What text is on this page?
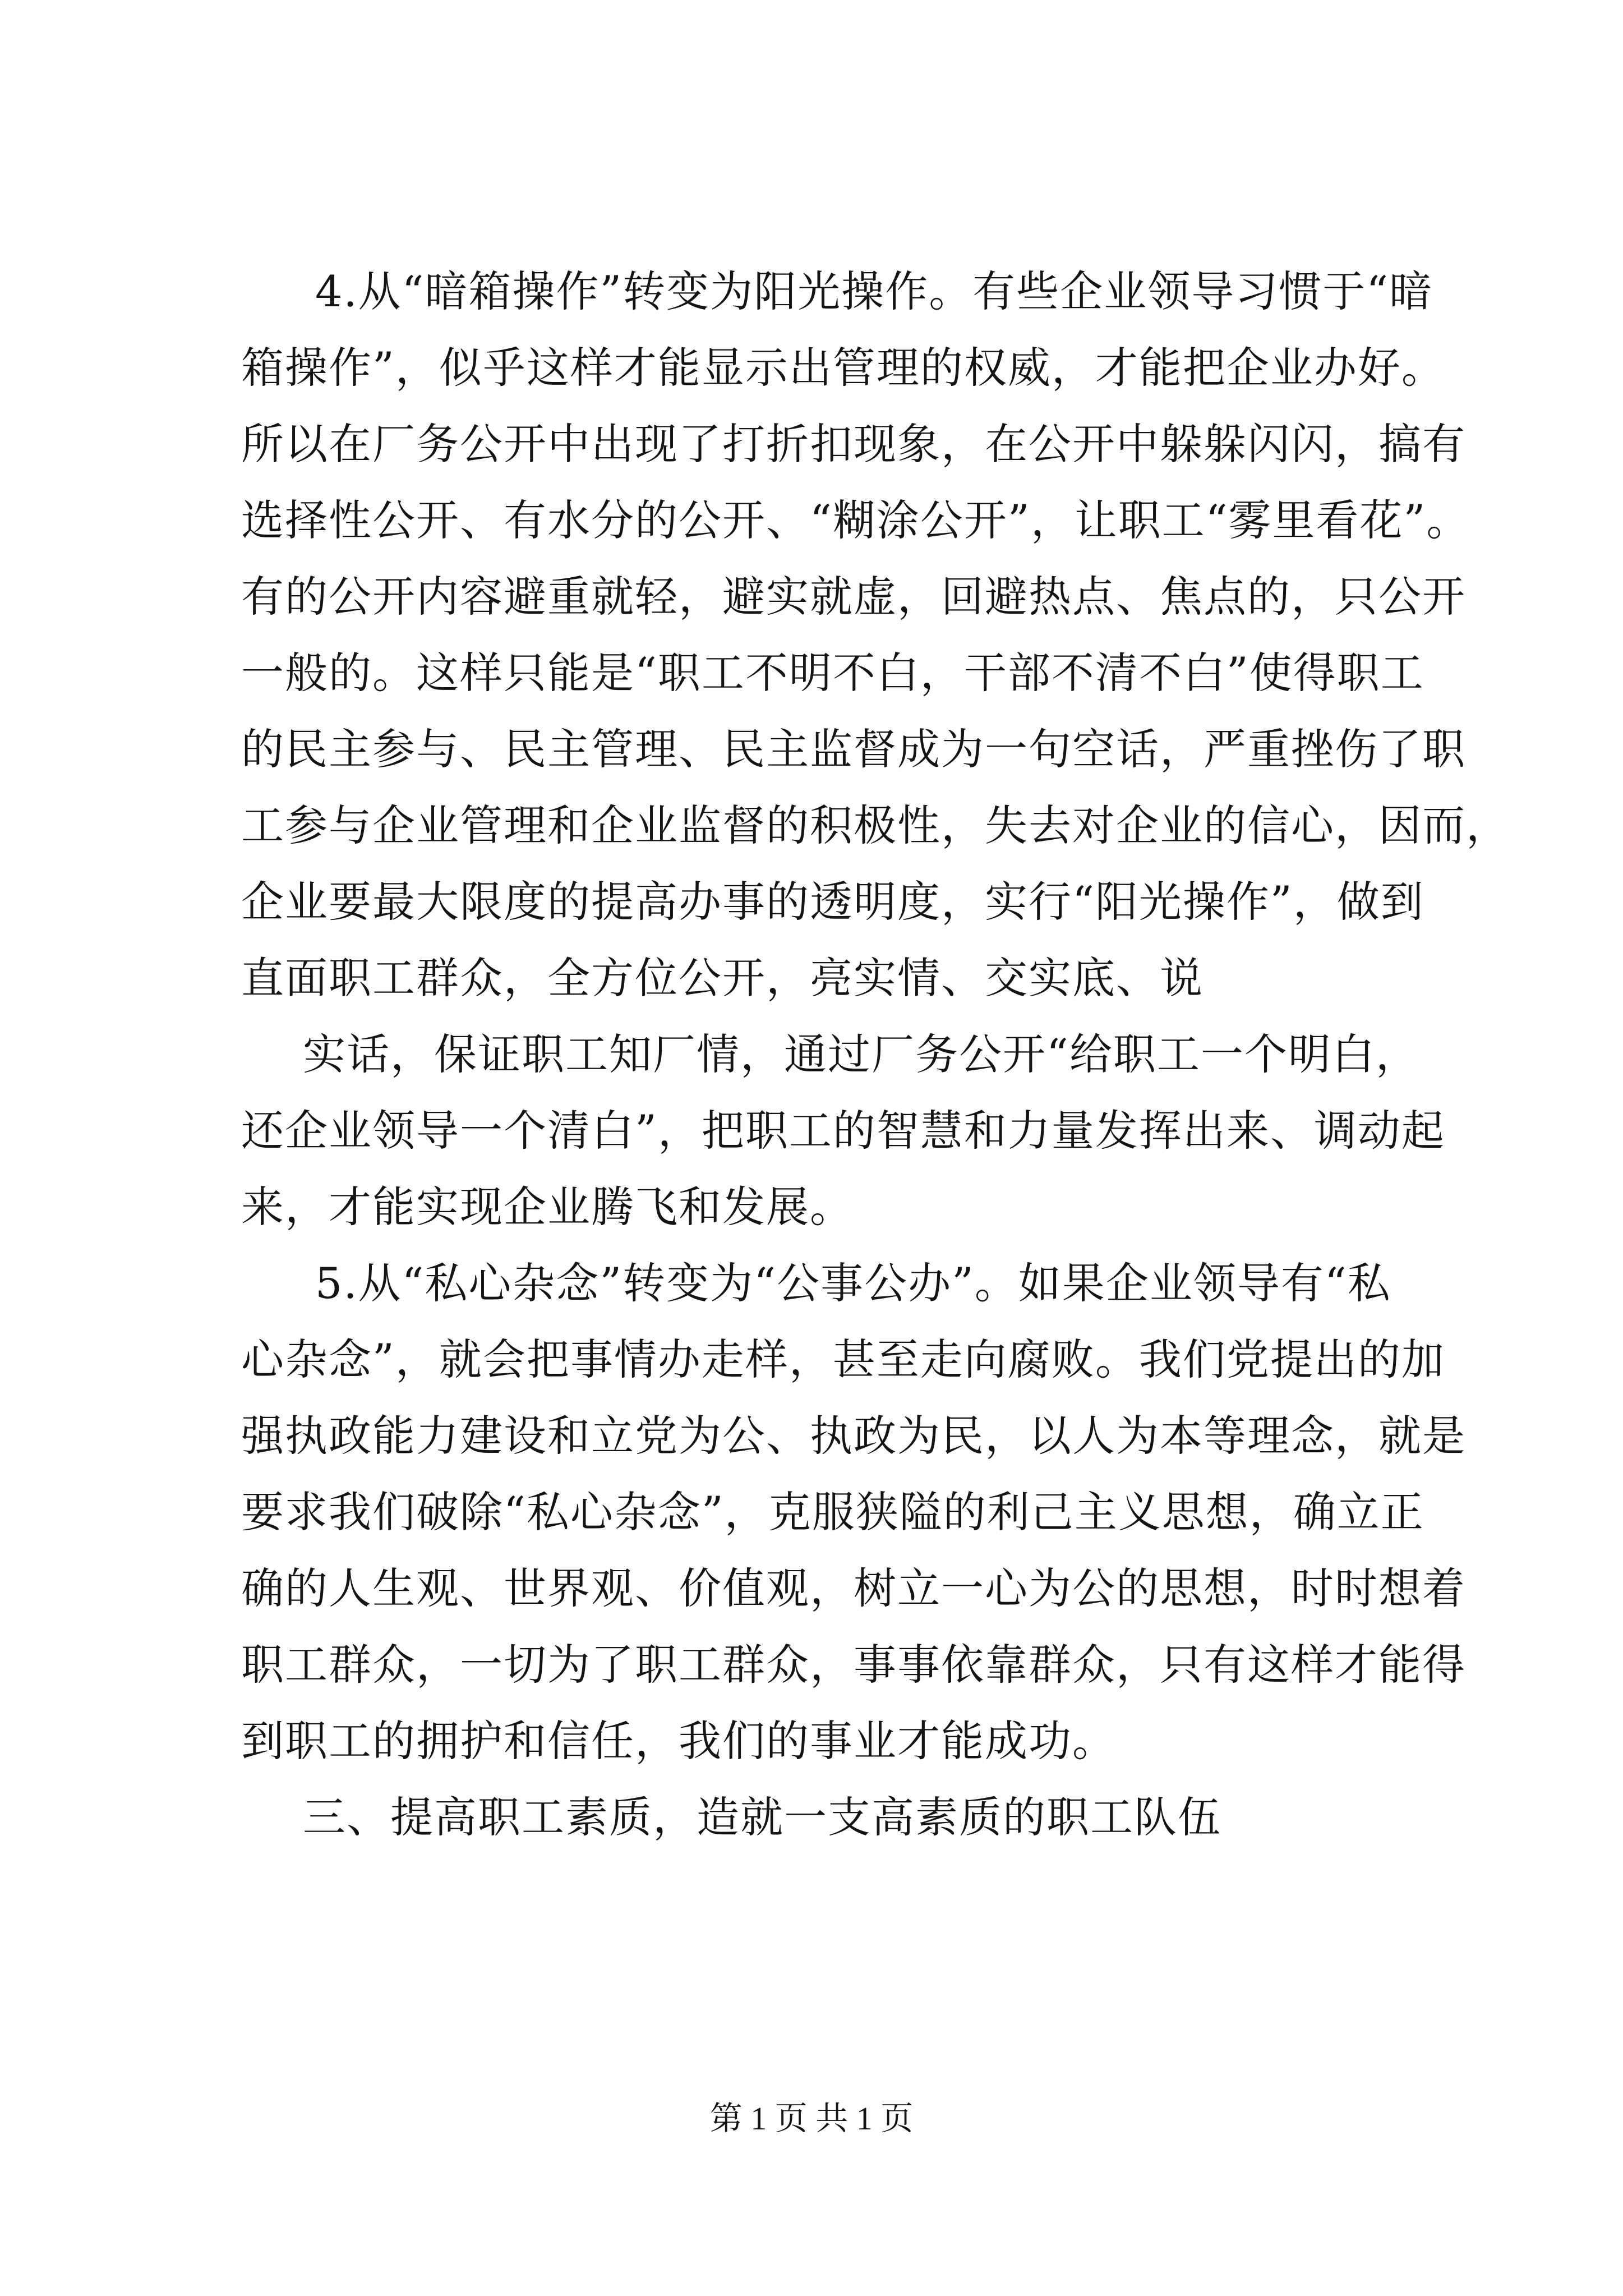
4.从“暗箱操作”转变为阳光操作。有些企业领导习惯于“暗
箱操作”，似乎这样才能显示出管理的权威，才能把企业办好。
所以在厂务公开中出现了打折扣现象，在公开中躲躲闪闪，搞有
选择性公开、有水分的公开、“糊涂公开”，让职工“雾里看花”。
有的公开内容避重就轻，避实就虚，回避热点、焦点的，只公开
一般的。这样只能是“职工不明不白，干部不清不白”使得职工
的民主参与、民主管理、民主监督成为一句空话，严重挫伤了职
工参与企业管理和企业监督的积极性，失去对企业的信心，因而，
企业要最大限度的提高办事的透明度，实行“阳光操作”，做到
直面职工群众，全方位公开，亮实情、交实底、说
实话，保证职工知厂情，通过厂务公开“给职工一个明白，
还企业领导一个清白”，把职工的智慧和力量发挥出来、调动起
来，才能实现企业腾飞和发展。
5.从“私心杂念”转变为“公事公办”。如果企业领导有“私
心杂念”，就会把事情办走样，甚至走向腐败。我们党提出的加
强执政能力建设和立党为公、执政为民，以人为本等理念，就是
要求我们破除“私心杂念”，克服狭隘的利己主义思想，确立正
确的人生观、世界观、价值观，树立一心为公的思想，时时想着
职工群众，一切为了职工群众，事事依靠群众，只有这样才能得
到职工的拥护和信任，我们的事业才能成功。
三、提高职工素质，造就一支高素质的职工队伍
第 1 页 共 1 页
